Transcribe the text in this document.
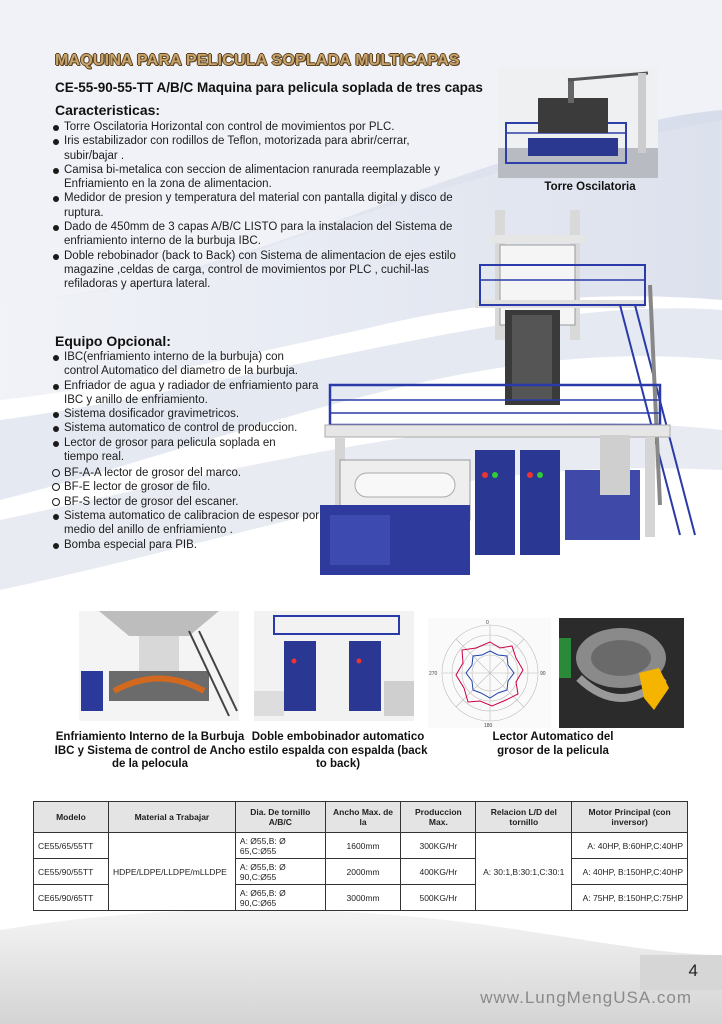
MAQUINA PARA PELICULA SOPLADA MULTICAPAS
CE-55-90-55-TT A/B/C Maquina para pelicula soplada de tres capas
Caracteristicas:
Torre Oscilatoria Horizontal con control de movimientos por PLC.
Iris estabilizador con rodillos de Teflon, motorizada para abrir/cerrar, subir/bajar .
Camisa bi-metalica con seccion de alimentacion ranurada reemplazable y Enfriamiento en la zona de alimentacion.
Medidor de presion y temperatura del material con pantalla digital y disco de ruptura.
Dado de 450mm de 3 capas A/B/C LISTO para la instalacion del Sistema de enfriamiento interno de la burbuja IBC.
Doble rebobinador (back to Back) con Sistema de alimentacion de ejes estilo magazine ,celdas de carga, control de movimientos por PLC , cuchil-las refiladoras y apertura lateral.
Torre Oscilatoria
Equipo Opcional:
IBC(enfriamiento interno de la burbuja) con control Automatico del diametro de la burbuja.
Enfriador de agua y radiador de enfriamiento para IBC y anillo de enfriamiento.
Sistema dosificador gravimetricos.
Sistema automatico de control de produccion.
Lector de grosor para pelicula soplada en tiempo real.
BF-A-A lector de grosor del marco.
BF-E lector de grosor de filo.
BF-S lector de grosor del escaner.
Sistema automatico de calibracion de espesor por medio del anillo de enfriamiento .
Bomba especial para PIB.
0
90
180
270
Enfriamiento Interno de la Burbuja IBC y Sistema de control de Ancho de la pelocula
Doble embobinador automatico estilo espalda con espalda (back to back)
Lector Automatico del grosor de la pelicula
Modelo	Material a Trabajar	Dia. De tornillo A/B/C	Ancho Max. de la	Produccion Max.	Relacion L/D del tornillo	Motor Principal (con inversor)
CE55/65/55TT	HDPE/LDPE/LLDPE/mLLDPE	A: Ø55,B: Ø 65,C:Ø55	1600mm	300KG/Hr	A: 30:1,B:30:1,C:30:1	A: 40HP, B:60HP,C:40HP
CE55/90/55TT		A: Ø55,B: Ø 90,C:Ø55	2000mm	400KG/Hr		A: 40HP, B:150HP,C:40HP
CE65/90/65TT		A: Ø65,B: Ø 90,C:Ø65	3000mm	500KG/Hr		A: 75HP, B:150HP,C:75HP
4
www.LungMengUSA.com
